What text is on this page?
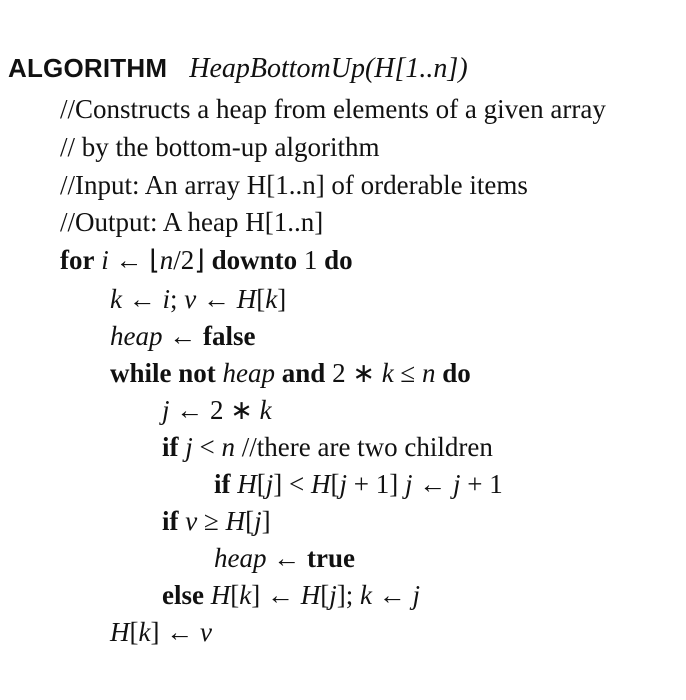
ALGORITHM HeapBottomUp(H[1..n])
//Constructs a heap from elements of a given array
// by the bottom-up algorithm
//Input: An array H[1..n] of orderable items
//Output: A heap H[1..n]
for i ← ⌊n/2⌋ downto 1 do
k ← i; v ← H[k]
heap ← false
while not heap and 2 ∗ k ≤ n do
j ← 2 ∗ k
if j < n //there are two children
if H[j] < H[j + 1] j ← j + 1
if v ≥ H[j]
heap ← true
else H[k] ← H[j]; k ← j
H[k] ← v
